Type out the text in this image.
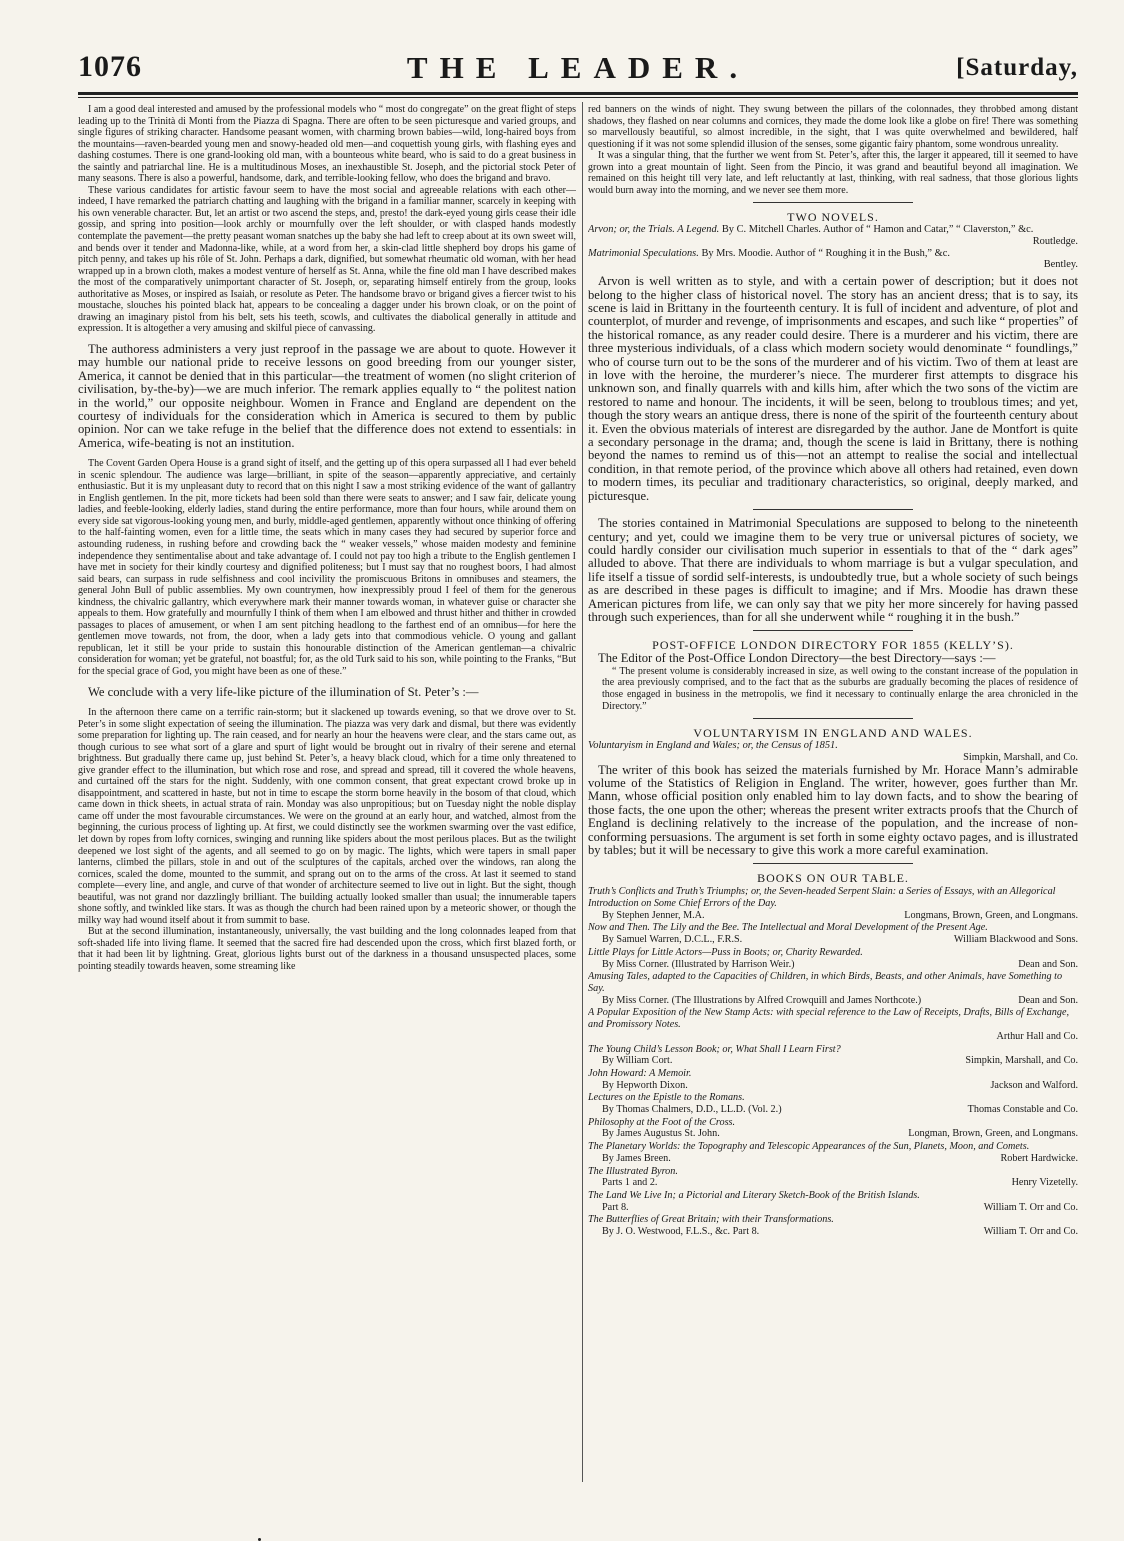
1076	THE LEADER.	[Saturday,

I am a good deal interested and amused by the professional models who “ most do congregate” on the great flight of steps leading up to the Trinità di Monti from the Piazza di Spagna. There are often to be seen picturesque and varied groups, and single figures of striking character. Handsome peasant women, with charming brown babies—wild, long-haired boys from the mountains—raven-bearded young men and snowy-headed old men—and coquettish young girls, with flashing eyes and dashing costumes. There is one grand-looking old man, with a bounteous white beard, who is said to do a great business in the saintly and patriarchal line. He is a multitudinous Moses, an inexhaustible St. Joseph, and the pictorial stock Peter of many seasons. There is also a powerful, handsome, dark, and terrible-looking fellow, who does the brigand and bravo.

These various candidates for artistic favour seem to have the most social and agreeable relations with each other—indeed, I have remarked the patriarch chatting and laughing with the brigand in a familiar manner, scarcely in keeping with his own venerable character. But, let an artist or two ascend the steps, and, presto! the dark-eyed young girls cease their idle gossip, and spring into position—look archly or mournfully over the left shoulder, or with clasped hands modestly contemplate the pavement—the pretty peasant woman snatches up the baby she had left to creep about at its own sweet will, and bends over it tender and Madonna-like, while, at a word from her, a skin-clad little shepherd boy drops his game of pitch penny, and takes up his rôle of St. John. Perhaps a dark, dignified, but somewhat rheumatic old woman, with her head wrapped up in a brown cloth, makes a modest venture of herself as St. Anna, while the fine old man I have described makes the most of the comparatively unimportant character of St. Joseph, or, separating himself entirely from the group, looks authoritative as Moses, or inspired as Isaiah, or resolute as Peter. The handsome bravo or brigand gives a fiercer twist to his moustache, slouches his pointed black hat, appears to be concealing a dagger under his brown cloak, or on the point of drawing an imaginary pistol from his belt, sets his teeth, scowls, and cultivates the diabolical generally in attitude and expression. It is altogether a very amusing and skilful piece of canvassing.

The authoress administers a very just reproof in the passage we are about to quote. However it may humble our national pride to receive lessons on good breeding from our younger sister, America, it cannot be denied that in this particular—the treatment of women (no slight criterion of civilisation, by-the-by)—we are much inferior. The remark applies equally to “ the politest nation in the world,” our opposite neighbour. Women in France and England are dependent on the courtesy of individuals for the consideration which in America is secured to them by public opinion. Nor can we take refuge in the belief that the difference does not extend to essentials: in America, wife-beating is not an institution.

The Covent Garden Opera House is a grand sight of itself, and the getting up of this opera surpassed all I had ever beheld in scenic splendour. The audience was large—brilliant, in spite of the season—apparently appreciative, and certainly enthusiastic. But it is my unpleasant duty to record that on this night I saw a most striking evidence of the want of gallantry in English gentlemen. In the pit, more tickets had been sold than there were seats to answer; and I saw fair, delicate young ladies, and feeble-looking, elderly ladies, stand during the entire performance, more than four hours, while around them on every side sat vigorous-looking young men, and burly, middle-aged gentlemen, apparently without once thinking of offering to the half-fainting women, even for a little time, the seats which in many cases they had secured by superior force and astounding rudeness, in rushing before and crowding back the “ weaker vessels,” whose maiden modesty and feminine independence they sentimentalise about and take advantage of. I could not pay too high a tribute to the English gentlemen I have met in society for their kindly courtesy and dignified politeness; but I must say that no roughest boors, I had almost said bears, can surpass in rude selfishness and cool incivility the promiscuous Britons in omnibuses and steamers, the general John Bull of public assemblies. My own countrymen, how inexpressibly proud I feel of them for the generous kindness, the chivalric gallantry, which everywhere mark their manner towards woman, in whatever guise or character she appeals to them. How gratefully and mournfully I think of them when I am elbowed and thrust hither and thither in crowded passages to places of amusement, or when I am sent pitching headlong to the farthest end of an omnibus—for here the gentlemen move towards, not from, the door, when a lady gets into that commodious vehicle. O young and gallant republican, let it still be your pride to sustain this honourable distinction of the American gentleman—a chivalric consideration for woman; yet be grateful, not boastful; for, as the old Turk said to his son, while pointing to the Franks, “But for the special grace of God, you might have been as one of these.”

We conclude with a very life-like picture of the illumination of St. Peter’s :—

In the afternoon there came on a terrific rain-storm; but it slackened up towards evening, so that we drove over to St. Peter’s in some slight expectation of seeing the illumination. The piazza was very dark and dismal, but there was evidently some preparation for lighting up. The rain ceased, and for nearly an hour the heavens were clear, and the stars came out, as though curious to see what sort of a glare and spurt of light would be brought out in rivalry of their serene and eternal brightness. But gradually there came up, just behind St. Peter’s, a heavy black cloud, which for a time only threatened to give grander effect to the illumination, but which rose and rose, and spread and spread, till it covered the whole heavens, and curtained off the stars for the night. Suddenly, with one common consent, that great expectant crowd broke up in disappointment, and scattered in haste, but not in time to escape the storm borne heavily in the bosom of that cloud, which came down in thick sheets, in actual strata of rain. Monday was also unpropitious; but on Tuesday night the noble display came off under the most favourable circumstances. We were on the ground at an early hour, and watched, almost from the beginning, the curious process of lighting up. At first, we could distinctly see the workmen swarming over the vast edifice, let down by ropes from lofty cornices, swinging and running like spiders about the most perilous places. But as the twilight deepened we lost sight of the agents, and all seemed to go on by magic. The lights, which were tapers in small paper lanterns, climbed the pillars, stole in and out of the sculptures of the capitals, arched over the windows, ran along the cornices, scaled the dome, mounted to the summit, and sprang out on to the arms of the cross. At last it seemed to stand complete—every line, and angle, and curve of that wonder of architecture seemed to live out in light. But the sight, though beautiful, was not grand nor dazzlingly brilliant. The building actually looked smaller than usual; the innumerable tapers shone softly, and twinkled like stars. It was as though the church had been rained upon by a meteoric shower, or though the milky way had wound itself about it from summit to base.

But at the second illumination, instantaneously, universally, the vast building and the long colonnades leaped from that soft-shaded life into living flame. It seemed that the sacred fire had descended upon the cross, which first blazed forth, or that it had been lit by lightning. Great, glorious lights burst out of the darkness in a thousand unsuspected places, some pointing steadily towards heaven, some streaming like

red banners on the winds of night. They swung between the pillars of the colonnades, they throbbed among distant shadows, they flashed on near columns and cornices, they made the dome look like a globe on fire! There was something so marvellously beautiful, so almost incredible, in the sight, that I was quite overwhelmed and bewildered, half questioning if it was not some splendid illusion of the senses, some gigantic fairy phantom, some wondrous unreality.

It was a singular thing, that the further we went from St. Peter’s, after this, the larger it appeared, till it seemed to have grown into a great mountain of light. Seen from the Pincio, it was grand and beautiful beyond all imagination. We remained on this height till very late, and left reluctantly at last, thinking, with real sadness, that those glorious lights would burn away into the morning, and we never see them more.

TWO NOVELS.
Arvon; or, the Trials. A Legend. By C. Mitchell Charles. Author of “ Hamon and Catar,” “ Claverston,” &c.
Routledge.
Matrimonial Speculations. By Mrs. Moodie. Author of “ Roughing it in the Bush,” &c.
Bentley.

Arvon is well written as to style, and with a certain power of description; but it does not belong to the higher class of historical novel. The story has an ancient dress; that is to say, its scene is laid in Brittany in the fourteenth century. It is full of incident and adventure, of plot and counterplot, of murder and revenge, of imprisonments and escapes, and such like “ properties” of the historical romance, as any reader could desire. There is a murderer and his victim, there are three mysterious individuals, of a class which modern society would denominate “ foundlings,” who of course turn out to be the sons of the murderer and of his victim. Two of them at least are in love with the heroine, the murderer’s niece. The murderer first attempts to disgrace his unknown son, and finally quarrels with and kills him, after which the two sons of the victim are restored to name and honour. The incidents, it will be seen, belong to troublous times; and yet, though the story wears an antique dress, there is none of the spirit of the fourteenth century about it. Even the obvious materials of interest are disregarded by the author. Jane de Montfort is quite a secondary personage in the drama; and, though the scene is laid in Brittany, there is nothing beyond the names to remind us of this—not an attempt to realise the social and intellectual condition, in that remote period, of the province which above all others had retained, even down to modern times, its peculiar and traditionary characteristics, so original, deeply marked, and picturesque.

The stories contained in Matrimonial Speculations are supposed to belong to the nineteenth century; and yet, could we imagine them to be very true or universal pictures of society, we could hardly consider our civilisation much superior in essentials to that of the “ dark ages” alluded to above. That there are individuals to whom marriage is but a vulgar speculation, and life itself a tissue of sordid self-interests, is undoubtedly true, but a whole society of such beings as are described in these pages is difficult to imagine; and if Mrs. Moodie has drawn these American pictures from life, we can only say that we pity her more sincerely for having passed through such experiences, than for all she underwent while “ roughing it in the bush.”

POST-OFFICE LONDON DIRECTORY FOR 1855 (KELLY’S).

The Editor of the Post-Office London Directory—the best Directory—says :—

“ The present volume is considerably increased in size, as well owing to the constant increase of the population in the area previously comprised, and to the fact that as the suburbs are gradually becoming the places of residence of those engaged in business in the metropolis, we find it necessary to continually enlarge the area chronicled in the Directory.”
VOLUNTARYISM IN ENGLAND AND WALES.
Voluntaryism in England and Wales; or, the Census of 1851.
Simpkin, Marshall, and Co.

The writer of this book has seized the materials furnished by Mr. Horace Mann’s admirable volume of the Statistics of Religion in England. The writer, however, goes further than Mr. Mann, whose official position only enabled him to lay down facts, and to show the bearing of those facts, the one upon the other; whereas the present writer extracts proofs that the Church of England is declining relatively to the increase of the population, and the increase of non-conforming persuasions. The argument is set forth in some eighty octavo pages, and is illustrated by tables; but it will be necessary to give this work a more careful examination.

BOOKS ON OUR TABLE.
Truth’s Conflicts and Truth’s Triumphs; or, the Seven-headed Serpent Slain: a Series of Essays, with an Allegorical Introduction on Some Chief Errors of the Day.
By Stephen Jenner, M.A.	Longmans, Brown, Green, and Longmans.
Now and Then. The Lily and the Bee. The Intellectual and Moral Development of the Present Age.
By Samuel Warren, D.C.L., F.R.S.	William Blackwood and Sons.
Little Plays for Little Actors—Puss in Boots; or, Charity Rewarded.
By Miss Corner. (Illustrated by Harrison Weir.)	Dean and Son.
Amusing Tales, adapted to the Capacities of Children, in which Birds, Beasts, and other Animals, have Something to Say.
By Miss Corner. (The Illustrations by Alfred Crowquill and James Northcote.)	Dean and Son.
A Popular Exposition of the New Stamp Acts: with special reference to the Law of Receipts, Drafts, Bills of Exchange, and Promissory Notes.
Arthur Hall and Co.
The Young Child’s Lesson Book; or, What Shall I Learn First?
By William Cort.	Simpkin, Marshall, and Co.
John Howard: A Memoir.
By Hepworth Dixon.	Jackson and Walford.
Lectures on the Epistle to the Romans.
By Thomas Chalmers, D.D., LL.D. (Vol. 2.)	Thomas Constable and Co.
Philosophy at the Foot of the Cross.
By James Augustus St. John.	Longman, Brown, Green, and Longmans.
The Planetary Worlds: the Topography and Telescopic Appearances of the Sun, Planets, Moon, and Comets.
By James Breen.	Robert Hardwicke.
The Illustrated Byron.
Parts 1 and 2.	Henry Vizetelly.
The Land We Live In; a Pictorial and Literary Sketch-Book of the British Islands.
Part 8.	William T. Orr and Co.
The Butterflies of Great Britain; with their Transformations.
By J. O. Westwood, F.L.S., &c. Part 8.	William T. Orr and Co.
